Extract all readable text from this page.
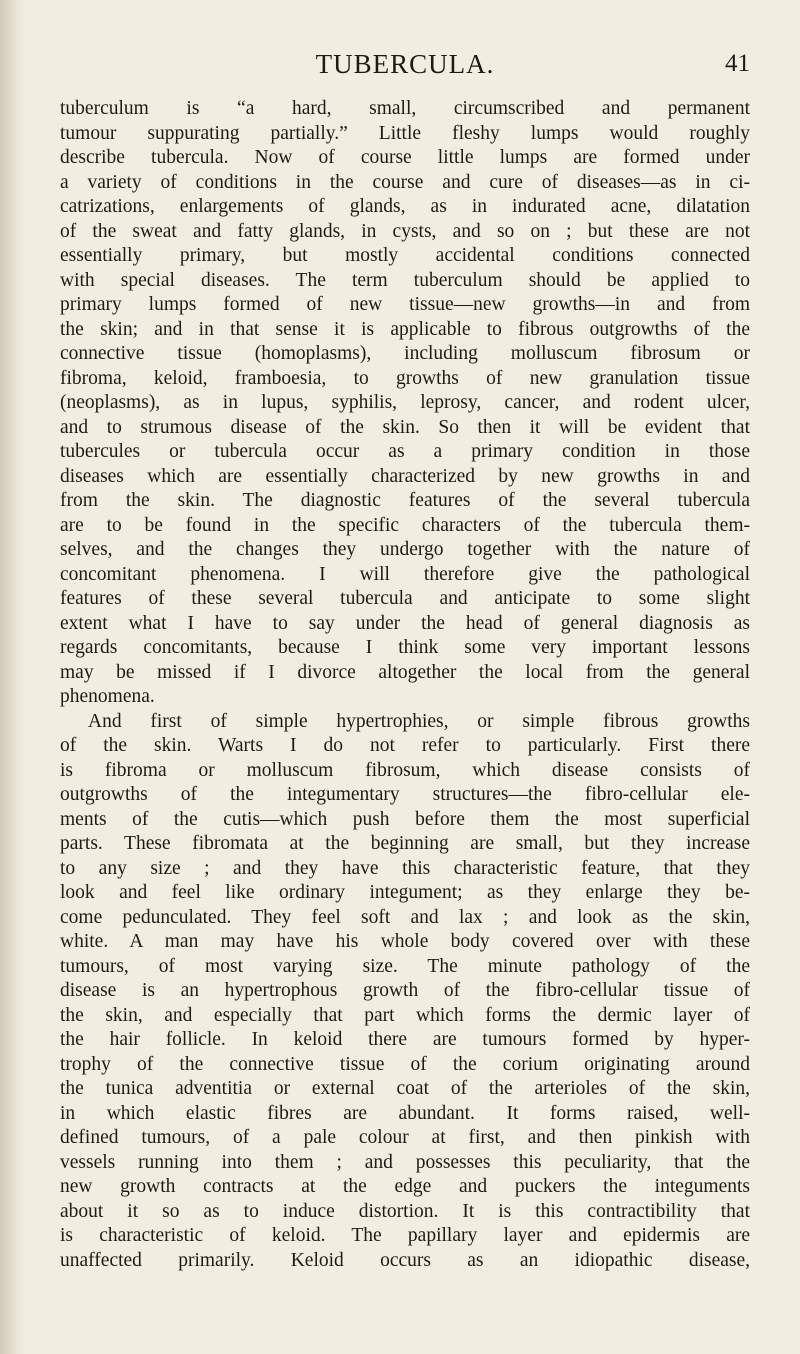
TUBERCULA.	41
tuberculum is “a hard, small, circumscribed and permanent
tumour suppurating partially.” Little fleshy lumps would roughly
describe tubercula. Now of course little lumps are formed under
a variety of conditions in the course and cure of diseases—as in ci-
catrizations, enlargements of glands, as in indurated acne, dilatation
of the sweat and fatty glands, in cysts, and so on ; but these are not
essentially primary, but mostly accidental conditions connected
with special diseases. The term tuberculum should be applied to
primary lumps formed of new tissue—new growths—in and from
the skin; and in that sense it is applicable to fibrous outgrowths of the
connective tissue (homoplasms), including molluscum fibrosum or
fibroma, keloid, framboesia, to growths of new granulation tissue
(neoplasms), as in lupus, syphilis, leprosy, cancer, and rodent ulcer,
and to strumous disease of the skin. So then it will be evident that
tubercules or tubercula occur as a primary condition in those
diseases which are essentially characterized by new growths in and
from the skin. The diagnostic features of the several tubercula
are to be found in the specific characters of the tubercula them-
selves, and the changes they undergo together with the nature of
concomitant phenomena. I will therefore give the pathological
features of these several tubercula and anticipate to some slight
extent what I have to say under the head of general diagnosis as
regards concomitants, because I think some very important lessons
may be missed if I divorce altogether the local from the general
phenomena.
And first of simple hypertrophies, or simple fibrous growths
of the skin. Warts I do not refer to particularly. First there
is fibroma or molluscum fibrosum, which disease consists of
outgrowths of the integumentary structures—the fibro-cellular ele-
ments of the cutis—which push before them the most superficial
parts. These fibromata at the beginning are small, but they increase
to any size ; and they have this characteristic feature, that they
look and feel like ordinary integument; as they enlarge they be-
come pedunculated. They feel soft and lax ; and look as the skin,
white. A man may have his whole body covered over with these
tumours, of most varying size. The minute pathology of the
disease is an hypertrophous growth of the fibro-cellular tissue of
the skin, and especially that part which forms the dermic layer of
the hair follicle. In keloid there are tumours formed by hyper-
trophy of the connective tissue of the corium originating around
the tunica adventitia or external coat of the arterioles of the skin,
in which elastic fibres are abundant. It forms raised, well-
defined tumours, of a pale colour at first, and then pinkish with
vessels running into them ; and possesses this peculiarity, that the
new growth contracts at the edge and puckers the integuments
about it so as to induce distortion. It is this contractibility that
is characteristic of keloid. The papillary layer and epidermis are
unaffected primarily. Keloid occurs as an idiopathic disease,
